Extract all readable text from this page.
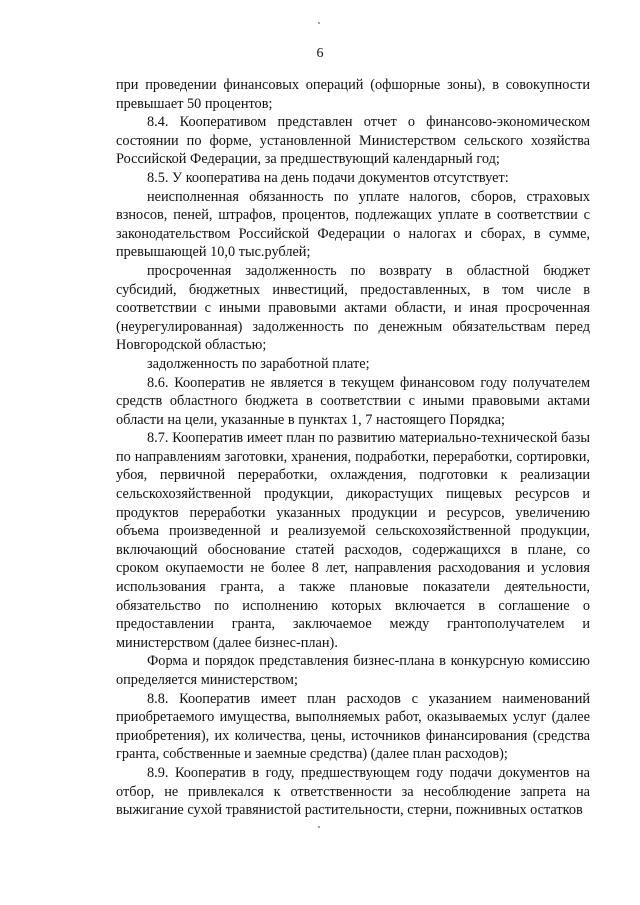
6

при проведении финансовых операций (офшорные зоны), в совокупности превышает 50 процентов;

8.4. Кооперативом представлен отчет о финансово-экономическом состоянии по форме, установленной Министерством сельского хозяйства Российской Федерации, за предшествующий календарный год;

8.5. У кооператива на день подачи документов отсутствует:

неисполненная обязанность по уплате налогов, сборов, страховых взносов, пеней, штрафов, процентов, подлежащих уплате в соответствии с законодательством Российской Федерации о налогах и сборах, в сумме, превышающей 10,0 тыс.рублей;

просроченная задолженность по возврату в областной бюджет субсидий, бюджетных инвестиций, предоставленных, в том числе в соответствии с иными правовыми актами области, и иная просроченная (неурегулированная) задолженность по денежным обязательствам перед Новгородской областью;

задолженность по заработной плате;

8.6. Кооператив не является в текущем финансовом году получателем средств областного бюджета в соответствии с иными правовыми актами области на цели, указанные в пунктах 1, 7 настоящего Порядка;

8.7. Кооператив имеет план по развитию материально-технической базы по направлениям заготовки, хранения, подработки, переработки, сортировки, убоя, первичной переработки, охлаждения, подготовки к реализации сельскохозяйственной продукции, дикорастущих пищевых ресурсов и продуктов переработки указанных продукции и ресурсов, увеличению объема произведенной и реализуемой сельскохозяйственной продукции, включающий обоснование статей расходов, содержащихся в плане, со сроком окупаемости не более 8 лет, направления расходования и условия использования гранта, а также плановые показатели деятельности, обязательство по исполнению которых включается в соглашение о предоставлении гранта, заключаемое между грантополучателем и министерством (далее бизнес-план).

Форма и порядок представления бизнес-плана в конкурсную комиссию определяется министерством;

8.8. Кооператив имеет план расходов с указанием наименований приобретаемого имущества, выполняемых работ, оказываемых услуг (далее приобретения), их количества, цены, источников финансирования (средства гранта, собственные и заемные средства) (далее план расходов);

8.9. Кооператив в году, предшествующем году подачи документов на отбор, не привлекался к ответственности за несоблюдение запрета на выжигание сухой травянистой растительности, стерни, пожнивных остатков
